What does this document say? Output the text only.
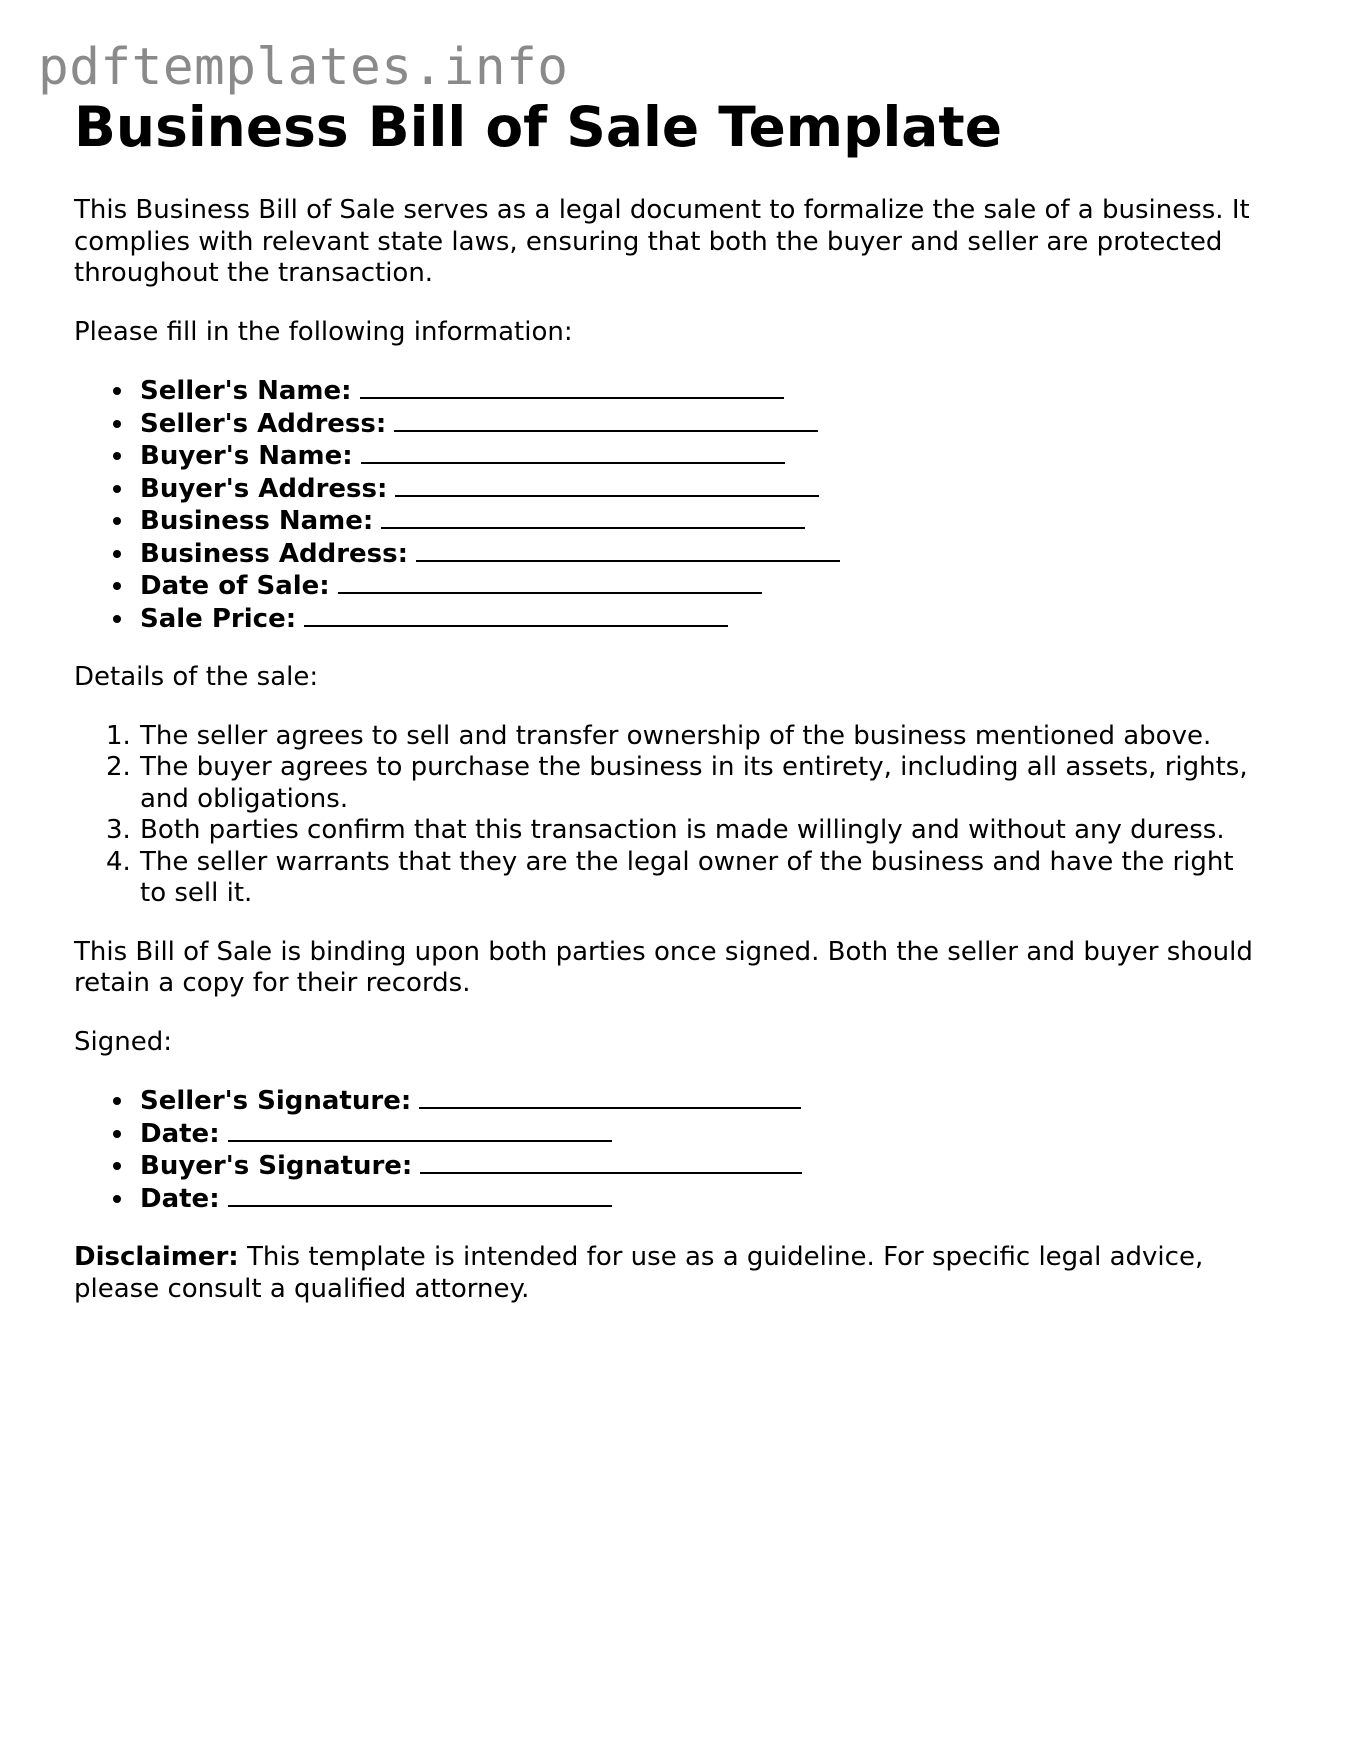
pdftemplates.info
Business Bill of Sale Template

This Business Bill of Sale serves as a legal document to formalize the sale of a business. It complies with relevant state laws, ensuring that both the buyer and seller are protected throughout the transaction.

Please fill in the following information:

Seller's Name:
Seller's Address:
Buyer's Name:
Buyer's Address:
Business Name:
Business Address:
Date of Sale:
Sale Price:

Details of the sale:

1. The seller agrees to sell and transfer ownership of the business mentioned above.
2. The buyer agrees to purchase the business in its entirety, including all assets, rights, and obligations.
3. Both parties confirm that this transaction is made willingly and without any duress.
4. The seller warrants that they are the legal owner of the business and have the right to sell it.

This Bill of Sale is binding upon both parties once signed. Both the seller and buyer should retain a copy for their records.

Signed:

Seller's Signature:
Date:
Buyer's Signature:
Date:

Disclaimer: This template is intended for use as a guideline. For specific legal advice, please consult a qualified attorney.
